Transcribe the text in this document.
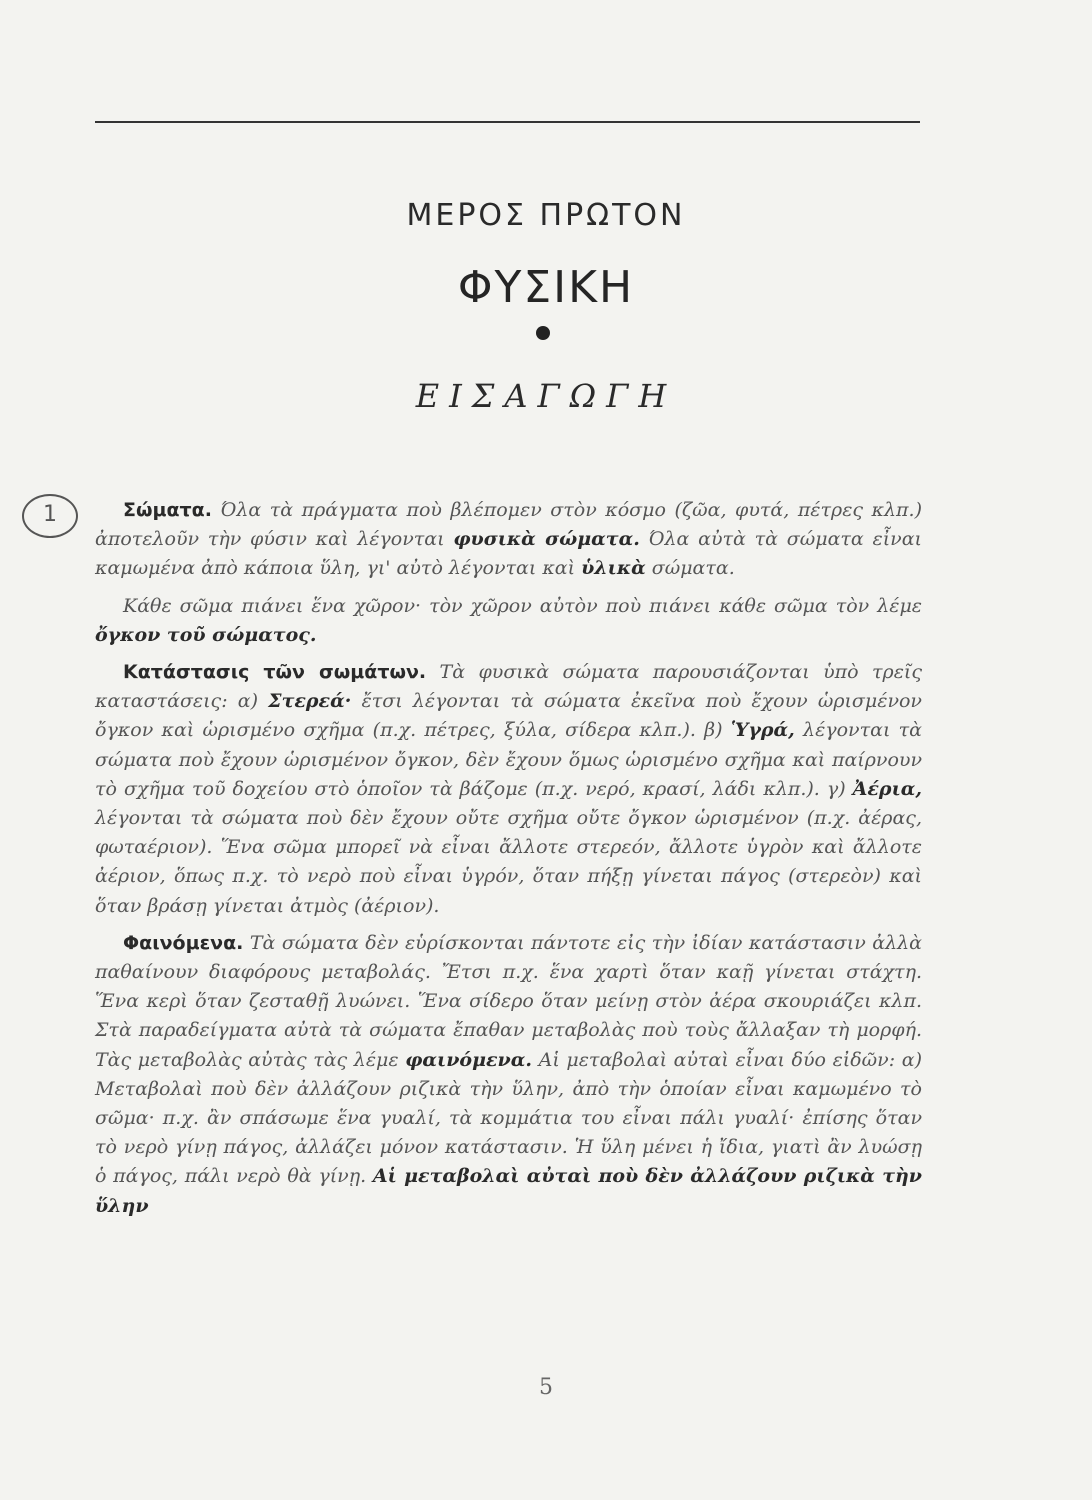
ΜΕΡΟΣ ΠΡΩΤΟΝ
ΦΥΣΙΚΗ
ΕΙΣΑΓΩΓΗ
1	Σώματα. Όλα τὰ πράγματα ποὺ βλέπομεν στὸν κόσμο (ζῶα, φυτά, πέτρες κλπ.) ἀποτελοῦν τὴν φύσιν καὶ λέγονται φυσικὰ σώματα. Όλα αὐτὰ τὰ σώματα εἶναι καμωμένα ἀπὸ κάποια ὕλη, γι' αὐτὸ λέγονται καὶ ὑλικὰ σώματα.

Κάθε σῶμα πιάνει ἕνα χῶρον· τὸν χῶρον αὐτὸν ποὺ πιάνει κάθε σῶμα τὸν λέμε ὄγκον τοῦ σώματος.

Κατάστασις τῶν σωμάτων. Τὰ φυσικὰ σώματα παρουσιάζονται ὑπὸ τρεῖς καταστάσεις: α) Στερεά· ἔτσι λέγονται τὰ σώματα ἐκεῖνα ποὺ ἔχουν ὡρισμένον ὄγκον καὶ ὡρισμένο σχῆμα (π.χ. πέτρες, ξύλα, σίδερα κλπ.). β) Ὑγρά, λέγονται τὰ σώματα ποὺ ἔχουν ὡρισμένον ὄγκον, δὲν ἔχουν ὅμως ὡρισμένο σχῆμα καὶ παίρνουν τὸ σχῆμα τοῦ δοχείου στὸ ὁποῖον τὰ βάζομε (π.χ. νερό, κρασί, λάδι κλπ.). γ) Ἀέρια, λέγονται τὰ σώματα ποὺ δὲν ἔχουν οὔτε σχῆμα οὔτε ὄγκον ὡρισμένον (π.χ. ἀέρας, φωταέριον). Ἕνα σῶμα μπορεῖ νὰ εἶναι ἄλλοτε στερεόν, ἄλλοτε ὑγρὸν καὶ ἄλλοτε ἀέριον, ὅπως π.χ. τὸ νερὸ ποὺ εἶναι ὑγρόν, ὅταν πήξῃ γίνεται πάγος (στερεὸν) καὶ ὅταν βράσῃ γίνεται ἀτμὸς (ἀέριον).

Φαινόμενα. Τὰ σώματα δὲν εὑρίσκονται πάντοτε εἰς τὴν ἰδίαν κατάστασιν ἀλλὰ παθαίνουν διαφόρους μεταβολάς. Ἔτσι π.χ. ἕνα χαρτὶ ὅταν καῇ γίνεται στάχτη. Ἕνα κερὶ ὅταν ζεσταθῇ λυώνει. Ἕνα σίδερο ὅταν μείνῃ στὸν ἀέρα σκουριάζει κλπ. Στὰ παραδείγματα αὐτὰ τὰ σώματα ἔπαθαν μεταβολὰς ποὺ τοὺς ἄλλαξαν τὴ μορφή. Τὰς μεταβολὰς αὐτὰς τὰς λέμε φαινόμενα. Αἱ μεταβολαὶ αὐταὶ εἶναι δύο εἰδῶν: α) Μεταβολαὶ ποὺ δὲν ἀλλάζουν ριζικὰ τὴν ὕλην, ἀπὸ τὴν ὁποίαν εἶναι καμωμένο τὸ σῶμα· π.χ. ἂν σπάσωμε ἕνα γυαλί, τὰ κομμάτια του εἶναι πάλι γυαλί· ἐπίσης ὅταν τὸ νερὸ γίνῃ πάγος, ἀλλάζει μόνον κατάστασιν. Ἡ ὕλη μένει ἡ ἴδια, γιατὶ ἂν λυώσῃ ὁ πάγος, πάλι νερὸ θὰ γίνῃ. Αἱ μεταβολαὶ αὐταὶ ποὺ δὲν ἀλλάζουν ριζικὰ τὴν ὕλην

5
